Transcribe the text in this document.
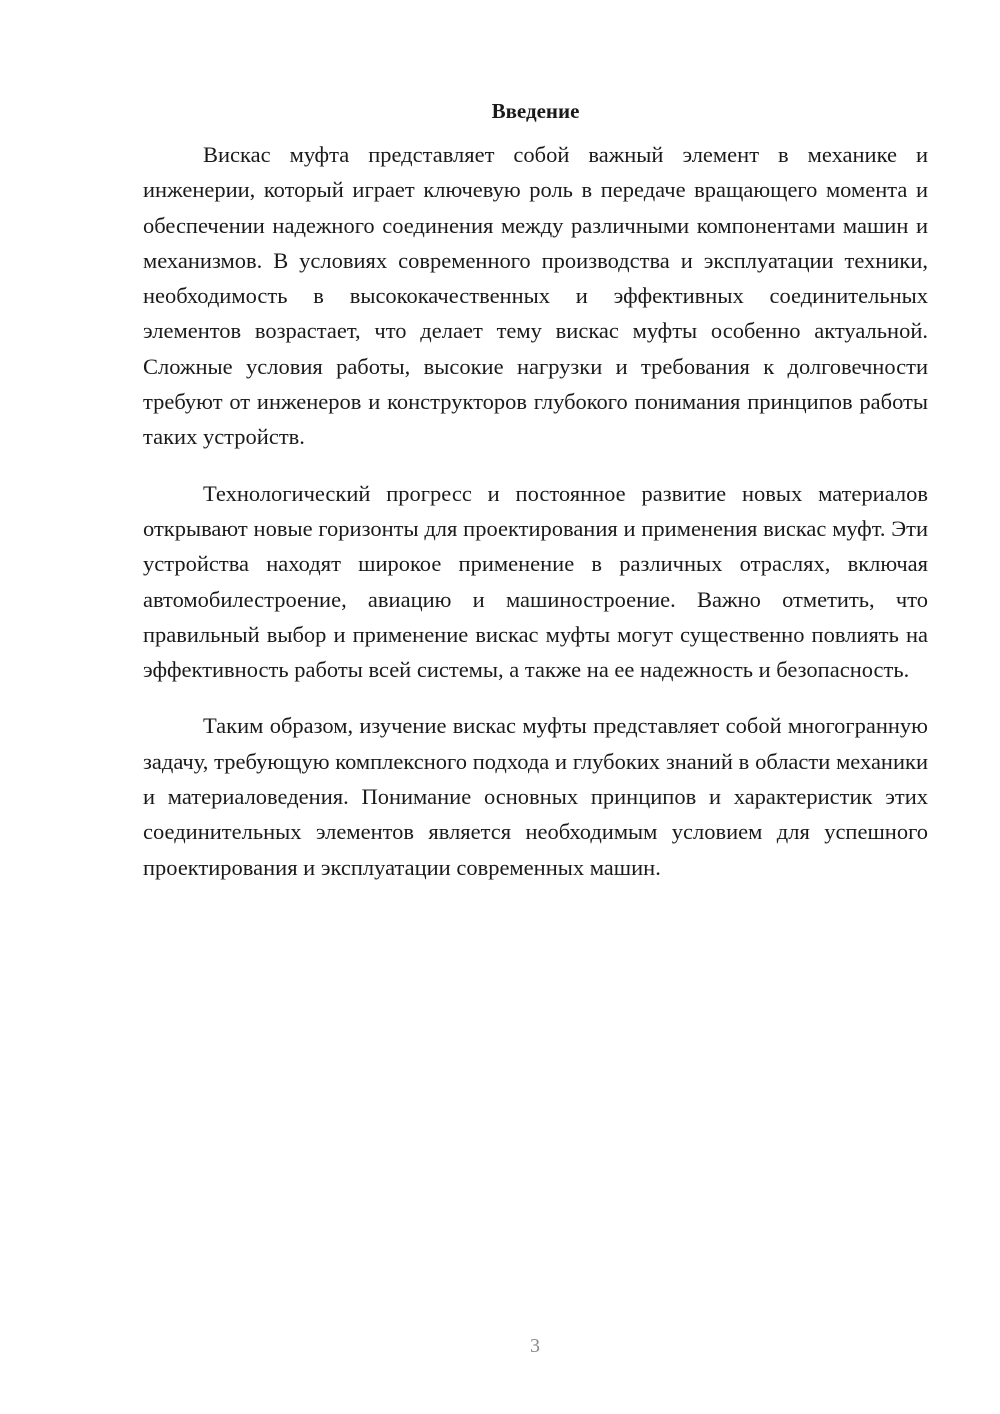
Введение

Вискас муфта представляет собой важный элемент в механике и инженерии, который играет ключевую роль в передаче вращающего момента и обеспечении надежного соединения между различными компонентами машин и механизмов. В условиях современного производства и эксплуатации техники, необходимость в высококачественных и эффективных соединительных элементов возрастает, что делает тему вискас муфты особенно актуальной. Сложные условия работы, высокие нагрузки и требования к долговечности требуют от инженеров и конструкторов глубокого понимания принципов работы таких устройств.

Технологический прогресс и постоянное развитие новых материалов открывают новые горизонты для проектирования и применения вискас муфт. Эти устройства находят широкое применение в различных отраслях, включая автомобилестроение, авиацию и машиностроение. Важно отметить, что правильный выбор и применение вискас муфты могут существенно повлиять на эффективность работы всей системы, а также на ее надежность и безопасность.

Таким образом, изучение вискас муфты представляет собой многогранную задачу, требующую комплексного подхода и глубоких знаний в области механики и материаловедения. Понимание основных принципов и характеристик этих соединительных элементов является необходимым условием для успешного проектирования и эксплуатации современных машин.

3
